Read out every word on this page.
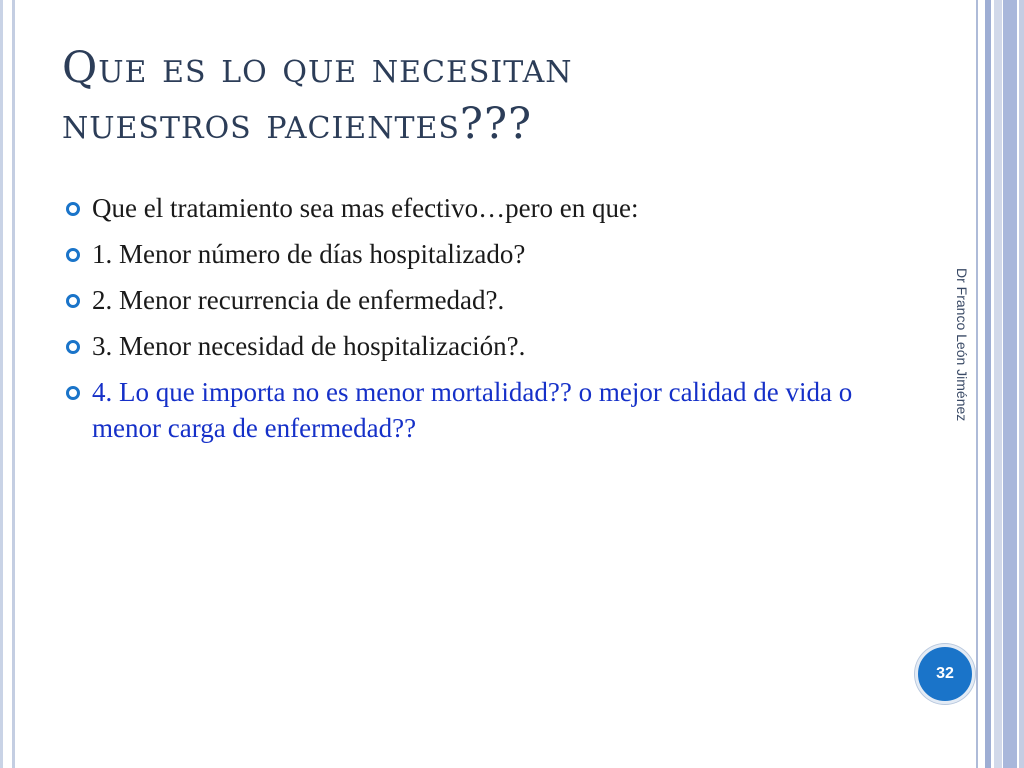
Que es lo que necesitan
nuestros pacientes???
Que el tratamiento sea mas efectivo…pero en que:
1. Menor número de días hospitalizado?
2. Menor recurrencia de enfermedad?.
3. Menor necesidad de hospitalización?.
4. Lo que importa no es menor mortalidad?? o mejor calidad de vida o menor carga de enfermedad??
Dr Franco León Jiménez
32
